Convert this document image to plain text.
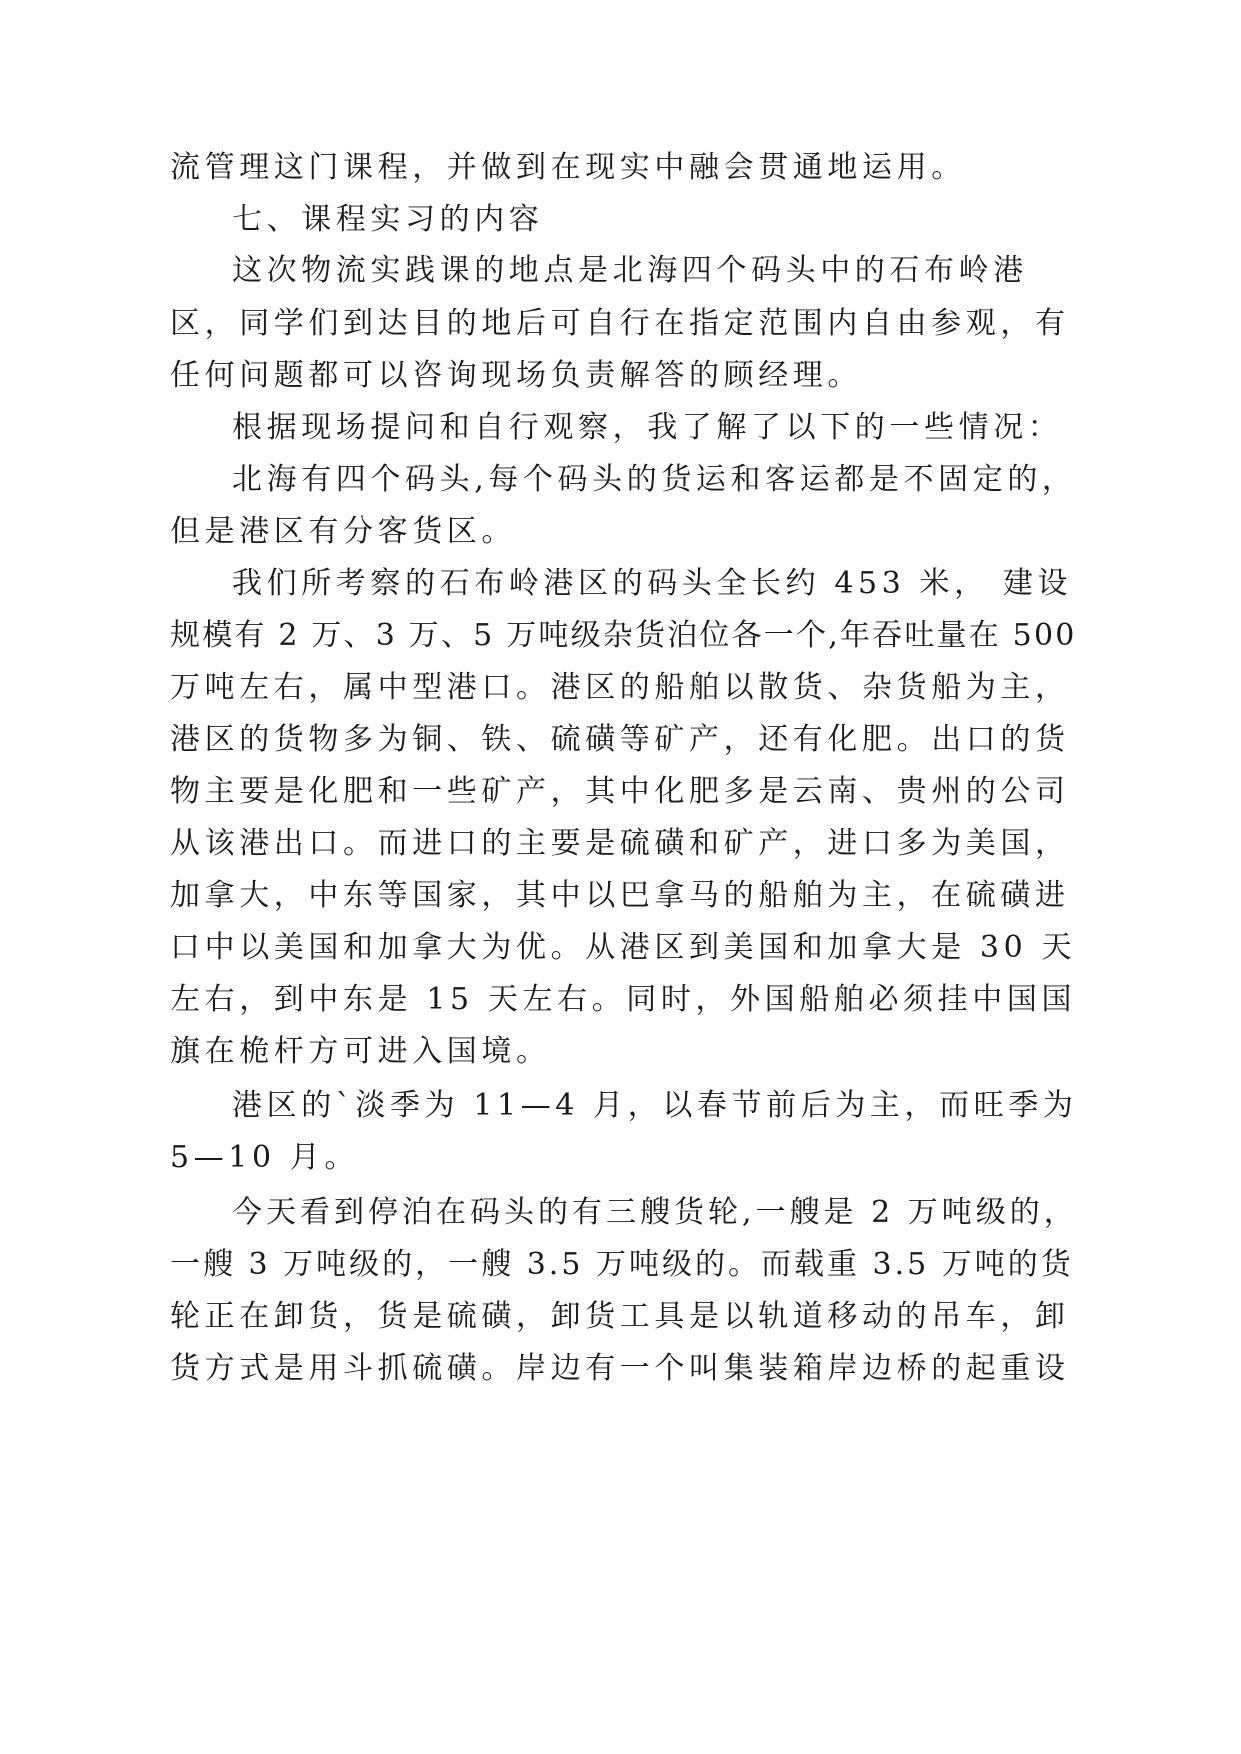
流管理这门课程，并做到在现实中融会贯通地运用。
七、课程实习的内容
这次物流实践课的地点是北海四个码头中的石布岭港
区，同学们到达目的地后可自行在指定范围内自由参观，有
任何问题都可以咨询现场负责解答的顾经理。
根据现场提问和自行观察，我了解了以下的一些情况：
北海有四个码头,每个码头的货运和客运都是不固定的，
但是港区有分客货区。
我们所考察的石布岭港区的码头全长约 453 米， 建设
规模有 2 万、3 万、5 万吨级杂货泊位各一个,年吞吐量在 500
万吨左右，属中型港口。港区的船舶以散货、杂货船为主，
港区的货物多为铜、铁、硫磺等矿产，还有化肥。出口的货
物主要是化肥和一些矿产，其中化肥多是云南、贵州的公司
从该港出口。而进口的主要是硫磺和矿产，进口多为美国，
加拿大，中东等国家，其中以巴拿马的船舶为主，在硫磺进
口中以美国和加拿大为优。从港区到美国和加拿大是 30 天
左右，到中东是 15 天左右。同时，外国船舶必须挂中国国
旗在桅杆方可进入国境。
港区的`淡季为 11—4 月，以春节前后为主，而旺季为
5—10 月。
今天看到停泊在码头的有三艘货轮,一艘是 2 万吨级的，
一艘 3 万吨级的，一艘 3.5 万吨级的。而载重 3.5 万吨的货
轮正在卸货，货是硫磺，卸货工具是以轨道移动的吊车，卸
货方式是用斗抓硫磺。岸边有一个叫集装箱岸边桥的起重设
